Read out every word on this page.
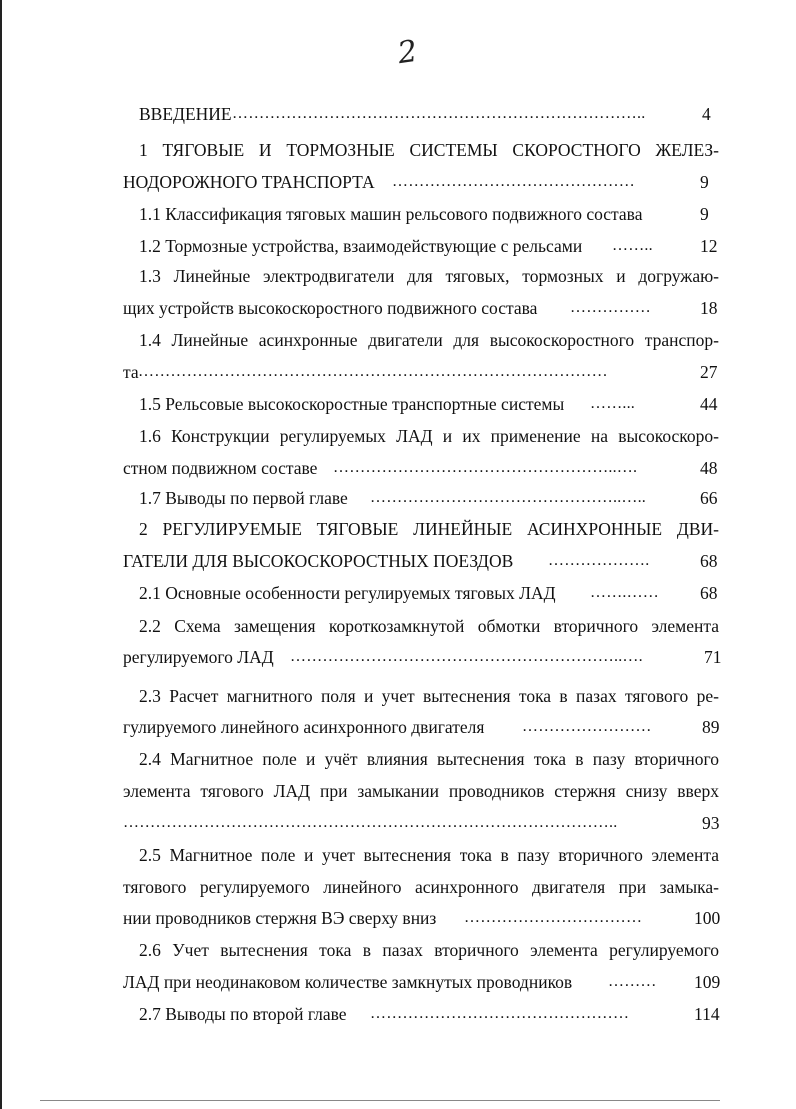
2
ВВЕДЕНИЕ …………………………………………………………………..	4
1 ТЯГОВЫЕ И ТОРМОЗНЫЕ СИСТЕМЫ СКОРОСТНОГО ЖЕЛЕЗ-
НОДОРОЖНОГО ТРАНСПОРТА ………………………………………	9
1.1 Классификация тяговых машин рельсового подвижного состава	9
1.2 Тормозные устройства, взаимодействующие с рельсами ……..	12
1.3 Линейные электродвигатели для тяговых, тормозных и догружаю-
щих устройств высокоскоростного подвижного состава ……………	18
1.4 Линейные асинхронные двигатели для высокоскоростного транспор-
та ……………………………………………………………………………	27
1.5 Рельсовые высокоскоростные транспортные системы ……...	44
1.6 Конструкции регулируемых ЛАД и их применение на высокоскоро-
стном подвижном составе ……………………………………………..….	48
1.7 Выводы по первой главе ………………………………………..…..	66
2 РЕГУЛИРУЕМЫЕ ТЯГОВЫЕ ЛИНЕЙНЫЕ АСИНХРОННЫЕ ДВИ-
ГАТЕЛИ ДЛЯ ВЫСОКОСКОРОСТНЫХ ПОЕЗДОВ ……………….	68
2.1 Основные особенности регулируемых тяговых ЛАД …….……	68
2.2 Схема замещения короткозамкнутой обмотки вторичного элемента
регулируемого ЛАД ……………………………………………………..….	71
2.3 Расчет магнитного поля и учет вытеснения тока в пазах тягового ре-
гулируемого линейного асинхронного двигателя ……………………	89
2.4 Магнитное поле и учёт влияния вытеснения тока в пазу вторичного
элемента тягового ЛАД при замыкании проводников стержня снизу вверх
………………………………………………………………………………..	93
2.5 Магнитное поле и учет вытеснения тока в пазу вторичного элемента
тягового регулируемого линейного асинхронного двигателя при замыка-
нии проводников стержня ВЭ сверху вниз ……………………………	100
2.6 Учет вытеснения тока в пазах вторичного элемента регулируемого
ЛАД при неодинаковом количестве замкнутых проводников ………	109
2.7 Выводы по второй главе …………………………………………	114
